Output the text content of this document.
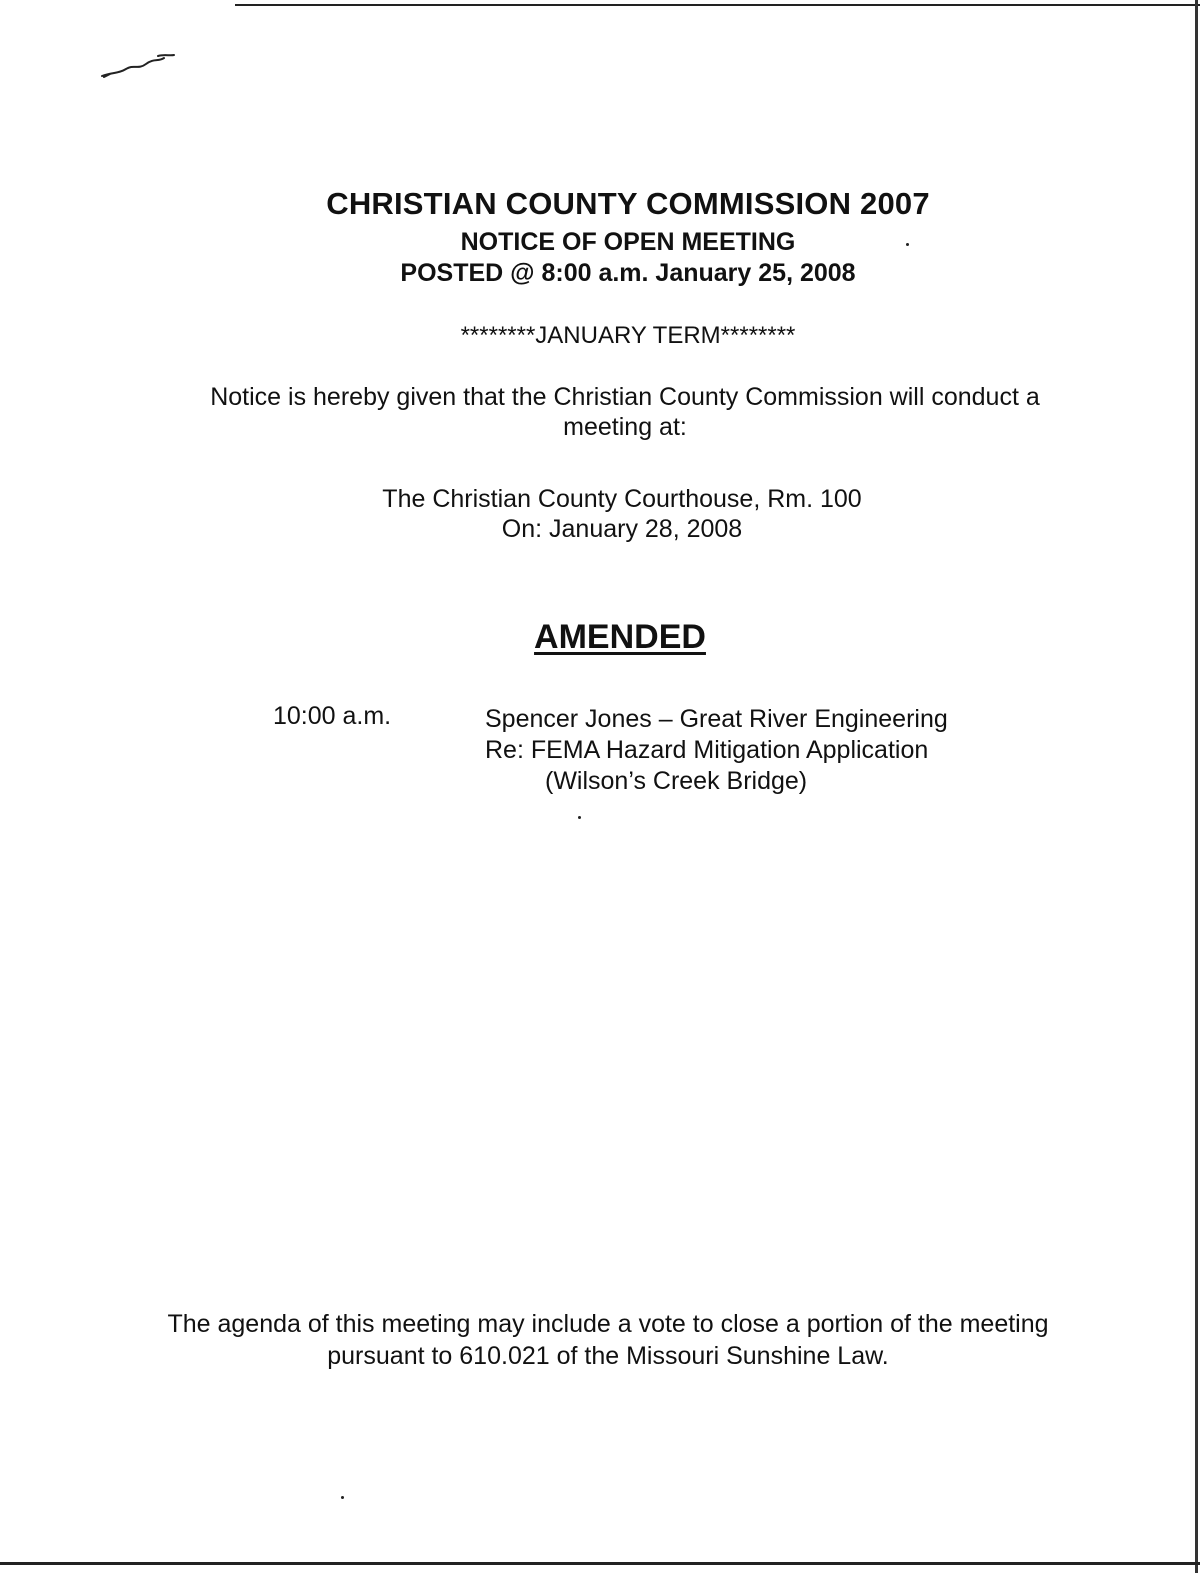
CHRISTIAN COUNTY COMMISSION 2007
NOTICE OF OPEN MEETING
POSTED @ 8:00 a.m. January 25, 2008
********JANUARY TERM********
Notice is hereby given that the Christian County Commission will conduct a
meeting at:
The Christian County Courthouse, Rm. 100
On: January 28, 2008
AMENDED
10:00 a.m.	Spencer Jones – Great River Engineering
Re: FEMA Hazard Mitigation Application
(Wilson’s Creek Bridge)
The agenda of this meeting may include a vote to close a portion of the meeting
pursuant to 610.021 of the Missouri Sunshine Law.
